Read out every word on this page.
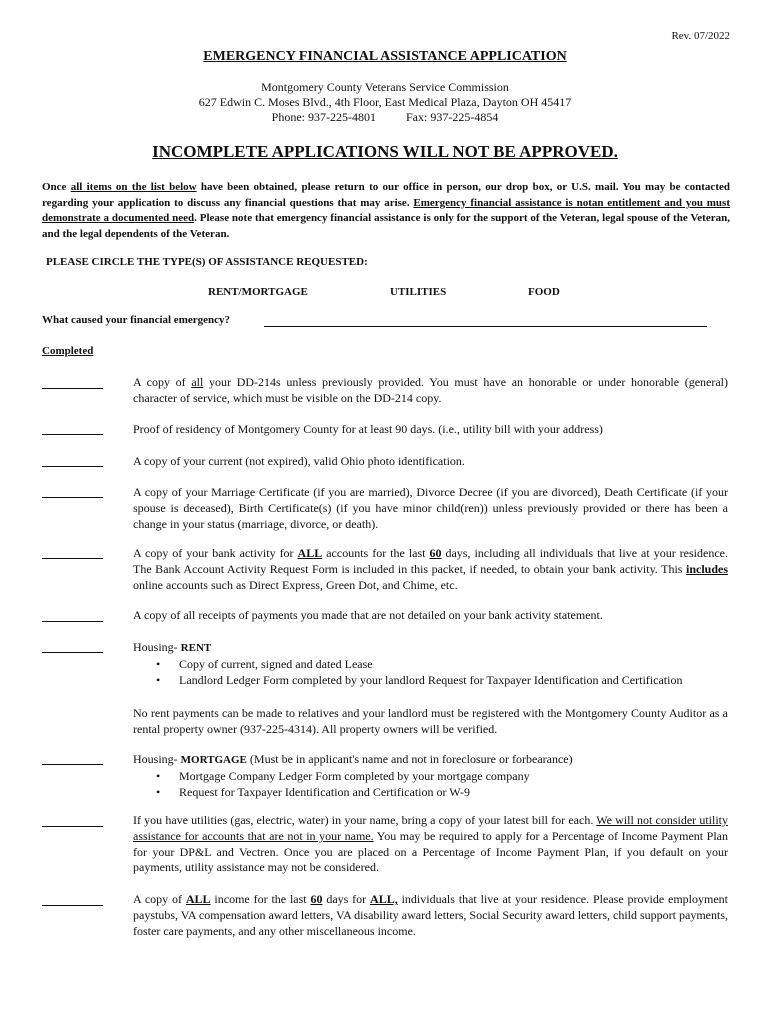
Rev. 07/2022
EMERGENCY FINANCIAL ASSISTANCE APPLICATION
Montgomery County Veterans Service Commission
627 Edwin C. Moses Blvd., 4th Floor, East Medical Plaza, Dayton OH 45417
Phone: 937-225-4801	Fax: 937-225-4854
INCOMPLETE APPLICATIONS WILL NOT BE APPROVED.
Once all items on the list below have been obtained, please return to our office in person, our drop box, or U.S. mail. You may be contacted regarding your application to discuss any financial questions that may arise. Emergency financial assistance is notan entitlement and you must demonstrate a documented need. Please note that emergency financial assistance is only for the support of the Veteran, legal spouse of the Veteran, and the legal dependents of the Veteran.
PLEASE CIRCLE THE TYPE(S) OF ASSISTANCE REQUESTED:
RENT/MORTGAGE	UTILITIES	FOOD
What caused your financial emergency?
Completed
A copy of all your DD-214s unless previously provided. You must have an honorable or under honorable (general) character of service, which must be visible on the DD-214 copy.
Proof of residency of Montgomery County for at least 90 days. (i.e., utility bill with your address)
A copy of your current (not expired), valid Ohio photo identification.
A copy of your Marriage Certificate (if you are married), Divorce Decree (if you are divorced), Death Certificate (if your spouse is deceased), Birth Certificate(s) (if you have minor child(ren)) unless previously provided or there has been a change in your status (marriage, divorce, or death).
A copy of your bank activity for ALL accounts for the last 60 days, including all individuals that live at your residence. The Bank Account Activity Request Form is included in this packet, if needed, to obtain your bank activity. This includes online accounts such as Direct Express, Green Dot, and Chime, etc.
A copy of all receipts of payments you made that are not detailed on your bank activity statement.
Housing- RENT
• Copy of current, signed and dated Lease
• Landlord Ledger Form completed by your landlord Request for Taxpayer Identification and Certification
No rent payments can be made to relatives and your landlord must be registered with the Montgomery County Auditor as a rental property owner (937-225-4314). All property owners will be verified.
Housing- MORTGAGE (Must be in applicant's name and not in foreclosure or forbearance)
• Mortgage Company Ledger Form completed by your mortgage company
• Request for Taxpayer Identification and Certification or W-9
If you have utilities (gas, electric, water) in your name, bring a copy of your latest bill for each. We will not consider utility assistance for accounts that are not in your name. You may be required to apply for a Percentage of Income Payment Plan for your DP&L and Vectren. Once you are placed on a Percentage of Income Payment Plan, if you default on your payments, utility assistance may not be considered.
A copy of ALL income for the last 60 days for ALL, individuals that live at your residence. Please provide employment paystubs, VA compensation award letters, VA disability award letters, Social Security award letters, child support payments, foster care payments, and any other miscellaneous income.
